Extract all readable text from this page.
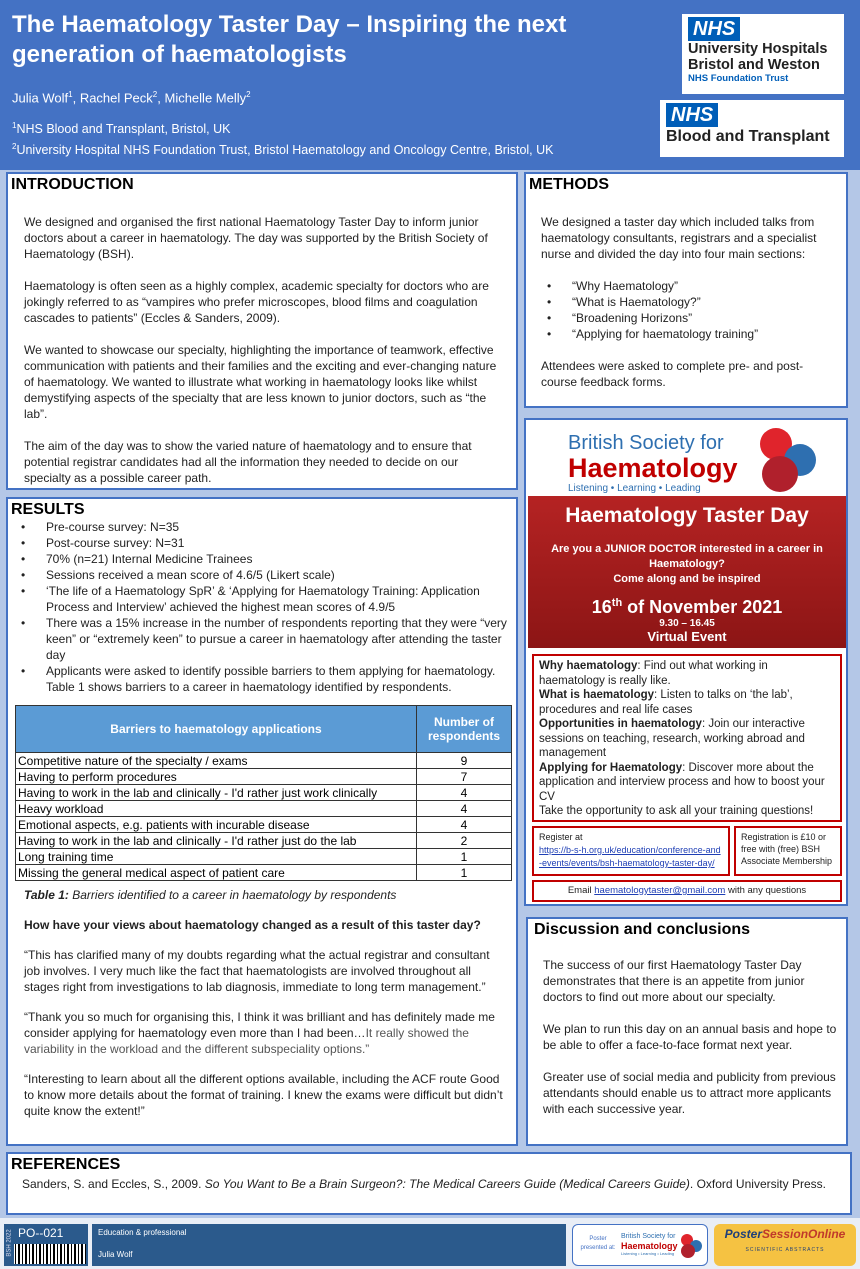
The Haematology Taster Day – Inspiring the next generation of haematologists
Julia Wolf$^1$, Rachel Peck$^2$, Michelle Melly$^2$
$^1$NHS Blood and Transplant, Bristol, UK
$^2$University Hospital NHS Foundation Trust, Bristol Haematology and Oncology Centre, Bristol, UK
NHS
University Hospitals
Bristol and Weston
NHS Foundation Trust
NHS
Blood and Transplant
INTRODUCTION

We designed and organised the first national Haematology Taster Day to inform junior doctors about a career in haematology. The day was supported by the British Society of Haematology (BSH).

Haematology is often seen as a highly complex, academic specialty for doctors who are jokingly referred to as “vampires who prefer microscopes, blood films and coagulation cascades to patients” (Eccles & Sanders, 2009).

We wanted to showcase our specialty, highlighting the importance of teamwork, effective communication with patients and their families and the exciting and ever-changing nature of haematology. We wanted to illustrate what working in haematology looks like whilst demystifying aspects of the specialty that are less known to junior doctors, such as “the lab”.

The aim of the day was to show the varied nature of haematology and to ensure that potential registrar candidates had all the information they needed to decide on our specialty as a possible career path.

METHODS

We designed a taster day which included talks from haematology consultants, registrars and a specialist nurse and divided the day into four main sections:

• “Why Haematology”
• “What is Haematology?”
• “Broadening Horizons”
• “Applying for haematology training”

Attendees were asked to complete pre- and post-course feedback forms.

British Society for
Haematology
Listening • Learning • Leading
Haematology Taster Day
Are you a JUNIOR DOCTOR interested in a career in Haematology?
Come along and be inspired
16th of November 2021
9.30 – 16.45
Virtual Event
Why haematology: Find out what working in haematology is really like.
What is haematology: Listen to talks on ‘the lab’, procedures and real life cases
Opportunities in haematology: Join our interactive sessions on teaching, research, working abroad and management
Applying for Haematology: Discover more about the application and interview process and how to boost your CV
Take the opportunity to ask all your training questions!
Register at
https://b-s-h.org.uk/education/conference-and-events/events/bsh-haematology-taster-day/
Registration is £10 or free with (free) BSH Associate Membership
Email haematologytaster@gmail.com with any questions
RESULTS
• Pre-course survey: N=35
• Post-course survey: N=31
• 70% (n=21) Internal Medicine Trainees
• Sessions received a mean score of 4.6/5 (Likert scale)
• ‘The life of a Haematology SpR’ & ‘Applying for Haematology Training: Application Process and Interview’ achieved the highest mean scores of 4.9/5
• There was a 15% increase in the number of respondents reporting that they were “very keen” or “extremely keen” to pursue a career in haematology after attending the taster day
• Applicants were asked to identify possible barriers to them applying for haematology. Table 1 shows barriers to a career in haematology identified by respondents.
Barriers to haematology applications	Number of respondents
Competitive nature of the specialty / exams	9
Having to perform procedures	7
Having to work in the lab and clinically - I'd rather just work clinically	4
Heavy workload	4
Emotional aspects, e.g. patients with incurable disease	4
Having to work in the lab and clinically - I'd rather just do the lab	2
Long training time	1
Missing the general medical aspect of patient care	1

Table 1: Barriers identified to a career in haematology by respondents

How have your views about haematology changed as a result of this taster day?

“This has clarified many of my doubts regarding what the actual registrar and consultant job involves. I very much like the fact that haematologists are involved throughout all stages right from investigations to lab diagnosis, immediate to long term management.”

“Thank you so much for organising this, I think it was brilliant and has definitely made me consider applying for haematology even more than I had been…It really showed the variability in the workload and the different subspeciality options.”

“Interesting to learn about all the different options available, including the ACF route Good to know more details about the format of training. I knew the exams were difficult but didn’t quite know the extent!”

Discussion and conclusions

The success of our first Haematology Taster Day demonstrates that there is an appetite from junior doctors to find out more about our specialty.

We plan to run this day on an annual basis and hope to be able to offer a face-to-face format next year.

Greater use of social media and publicity from previous attendants should enable us to attract more applicants with each successive year.

REFERENCES
Sanders, S. and Eccles, S., 2009. So You Want to Be a Brain Surgeon?: The Medical Careers Guide (Medical Careers Guide). Oxford University Press.
BSH 2022 PO--021	Education & professional
Julia Wolf
Poster presented at:
British Society for
Haematology
Listening • Learning • Leading
PosterSessionOnline
SCIENTIFIC ABSTRACTS
